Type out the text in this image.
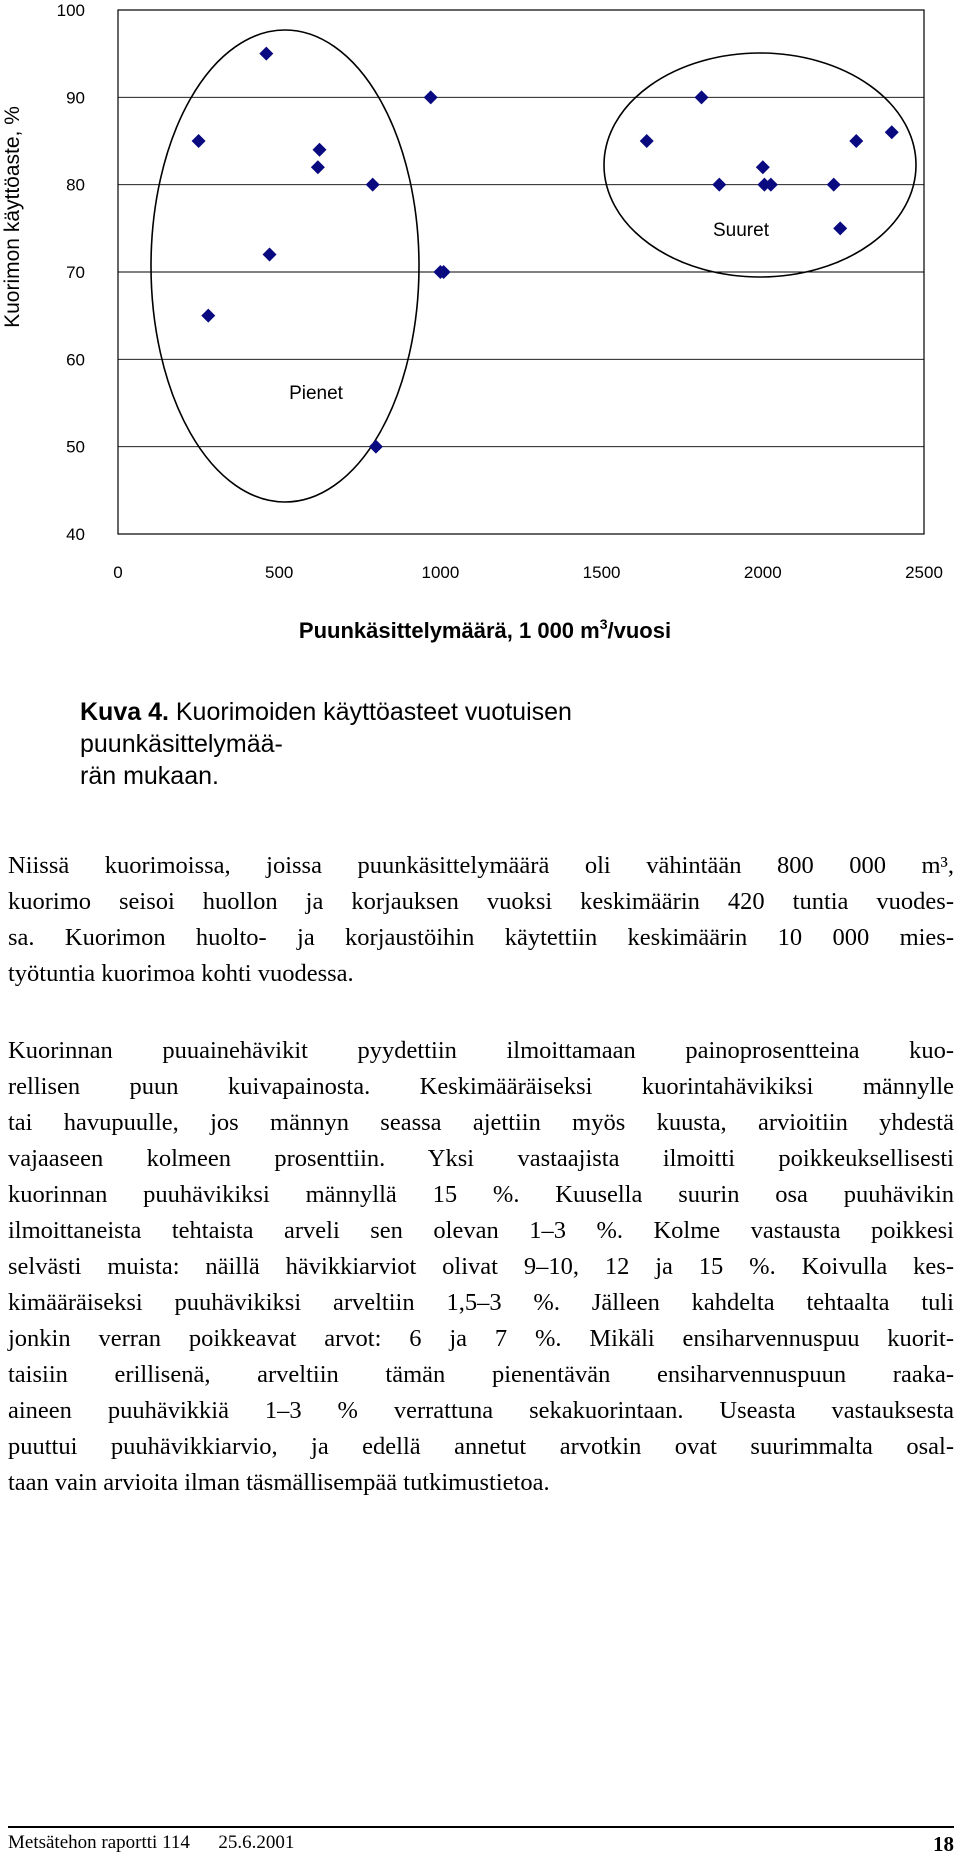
100
90
80
70
60
50
40
0	500	1000	1500	2000	2500
Pienet
Suuret
Kuorimon käyttöaste, %
Puunkäsittelymäärä, 1 000 $m^3$/vuosi
Kuva 4. Kuorimoiden käyttöasteet vuotuisen puunkäsittelymää-
rän mukaan.

Niissä kuorimoissa, joissa puunkäsittelymäärä oli vähintään 800 000 m³,

kuorimo seisoi huollon ja korjauksen vuoksi keskimäärin 420 tuntia vuodes-

sa. Kuorimon huolto- ja korjaustöihin käytettiin keskimäärin 10 000 mies-

työtuntia kuorimoa kohti vuodessa.

Kuorinnan puuainehävikit pyydettiin ilmoittamaan painoprosentteina kuo-

rellisen puun kuivapainosta. Keskimääräiseksi kuorintahävikiksi männylle

tai havupuulle, jos männyn seassa ajettiin myös kuusta, arvioitiin yhdestä

vajaaseen kolmeen prosenttiin. Yksi vastaajista ilmoitti poikkeuksellisesti

kuorinnan puuhävikiksi männyllä 15 %. Kuusella suurin osa puuhävikin

ilmoittaneista tehtaista arveli sen olevan 1–3 %. Kolme vastausta poikkesi

selvästi muista: näillä hävikkiarviot olivat 9–10, 12 ja 15 %. Koivulla kes-

kimääräiseksi puuhävikiksi arveltiin 1,5–3 %. Jälleen kahdelta tehtaalta tuli

jonkin verran poikkeavat arvot: 6 ja 7 %. Mikäli ensiharvennuspuu kuorit-

taisiin erillisenä, arveltiin tämän pienentävän ensiharvennuspuun raaka-

aineen puuhävikkiä 1–3 % verrattuna sekakuorintaan. Useasta vastauksesta

puuttui puuhävikkiarvio, ja edellä annetut arvotkin ovat suurimmalta osal-

taan vain arvioita ilman täsmällisempää tutkimustietoa.

Metsätehon raportti 114      25.6.2001	18
